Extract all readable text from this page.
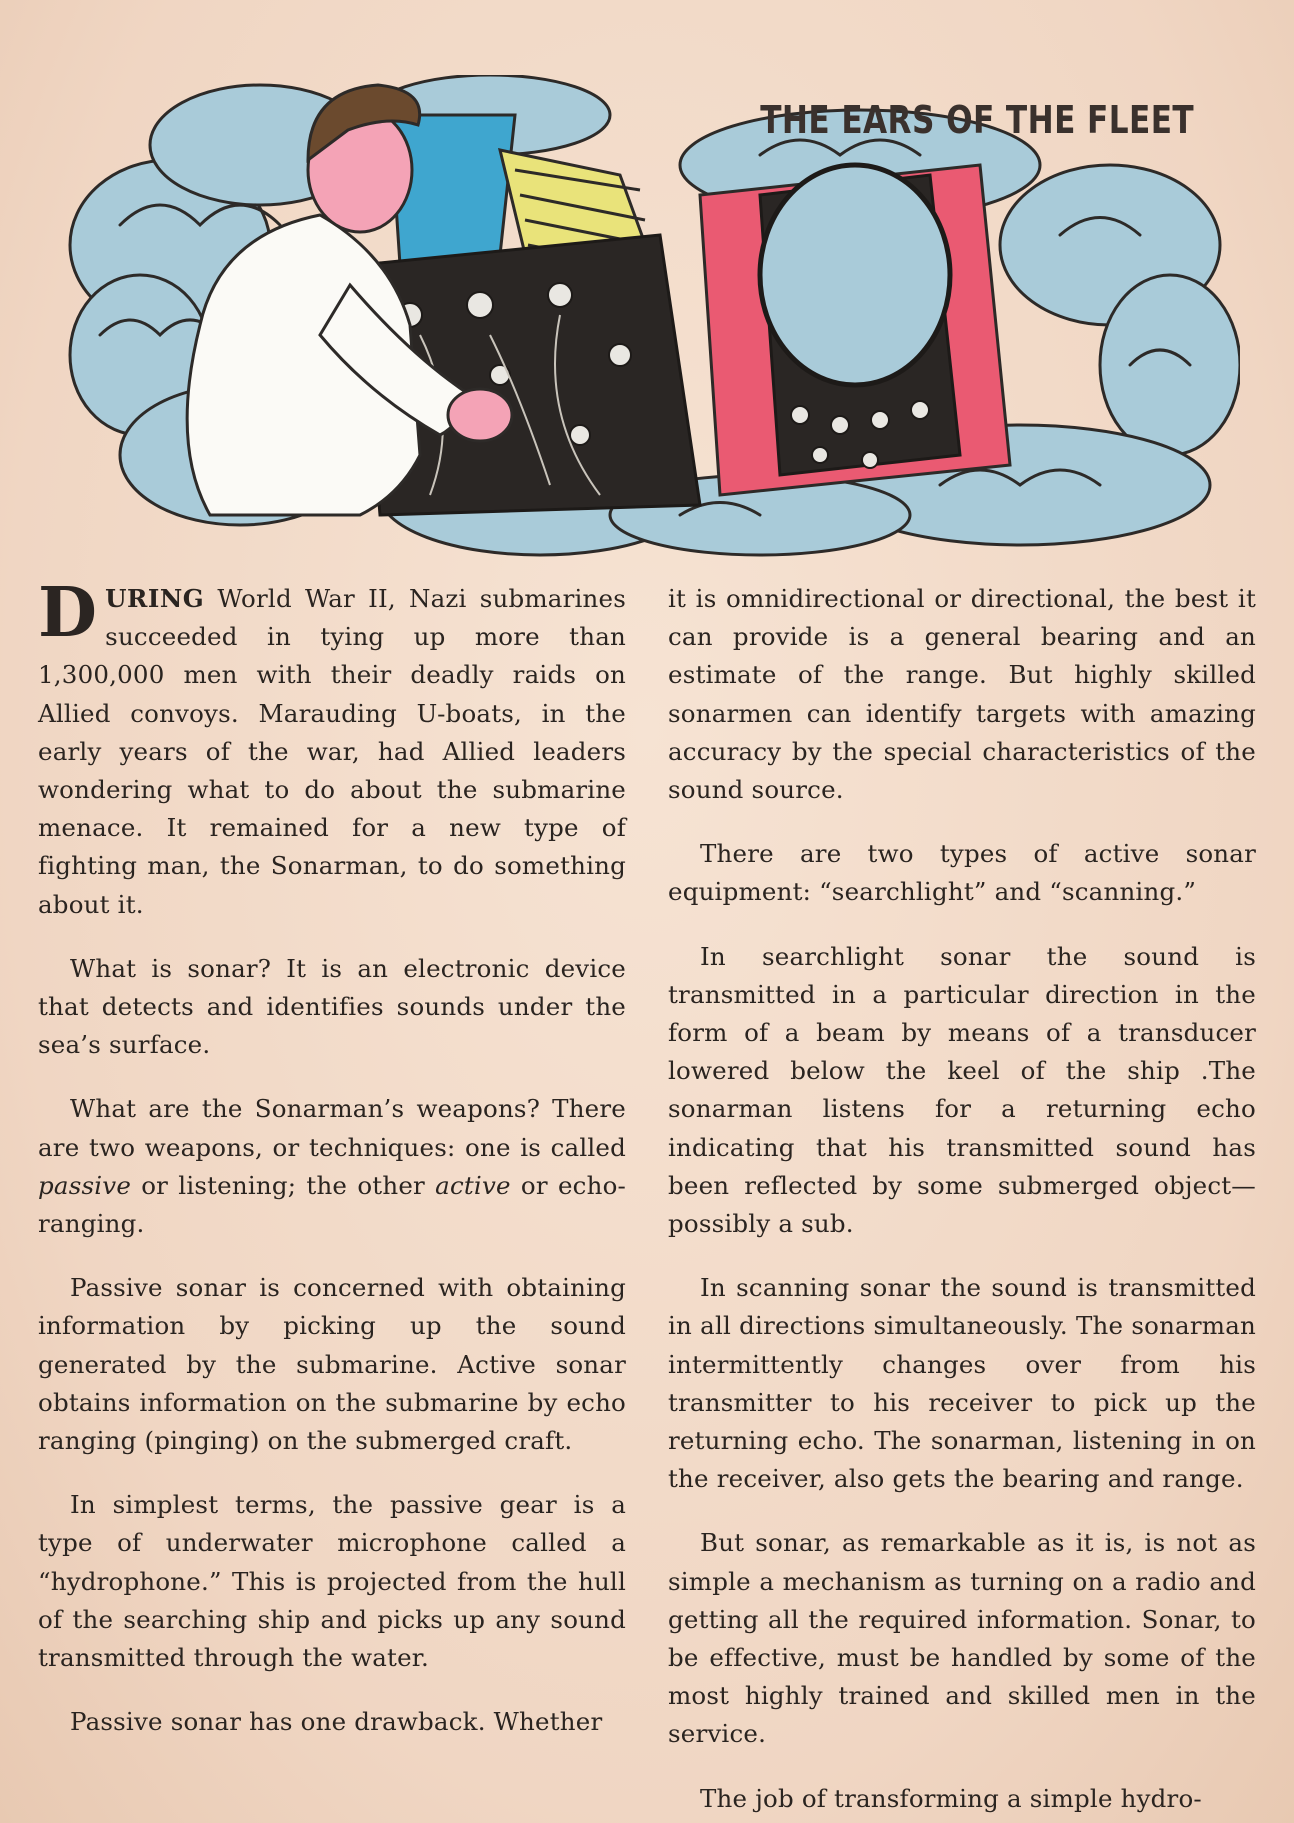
THE EARS OF THE FLEET

DURING World War II, Nazi submarines succeeded in tying up more than 1,300,000 men with their deadly raids on Allied convoys. Marauding U-boats, in the early years of the war, had Allied leaders wondering what to do about the submarine menace. It remained for a new type of fighting man, the Sonarman, to do something about it.

What is sonar? It is an electronic device that detects and identifies sounds under the sea’s surface.

What are the Sonarman’s weapons? There are two weapons, or techniques: one is called passive or listening; the other active or echo-ranging.

Passive sonar is concerned with obtaining information by picking up the sound generated by the submarine. Active sonar obtains information on the submarine by echo ranging (pinging) on the submerged craft.

In simplest terms, the passive gear is a type of underwater microphone called a “hydrophone.” This is projected from the hull of the searching ship and picks up any sound transmitted through the water.

Passive sonar has one drawback. Whether

it is omnidirectional or directional, the best it can provide is a general bearing and an estimate of the range. But highly skilled sonarmen can identify targets with amazing accuracy by the special characteristics of the sound source.

There are two types of active sonar equipment: “searchlight” and “scanning.”

In searchlight sonar the sound is transmitted in a particular direction in the form of a beam by means of a transducer lowered below the keel of the ship .The sonarman listens for a returning echo indicating that his transmitted sound has been reflected by some submerged object—possibly a sub.

In scanning sonar the sound is transmitted in all directions simultaneously. The sonarman intermittently changes over from his transmitter to his receiver to pick up the returning echo. The sonarman, listening in on the receiver, also gets the bearing and range.

But sonar, as remarkable as it is, is not as simple a mechanism as turning on a radio and getting all the required information. Sonar, to be effective, must be handled by some of the most highly trained and skilled men in the service.

The job of transforming a simple hydro-
